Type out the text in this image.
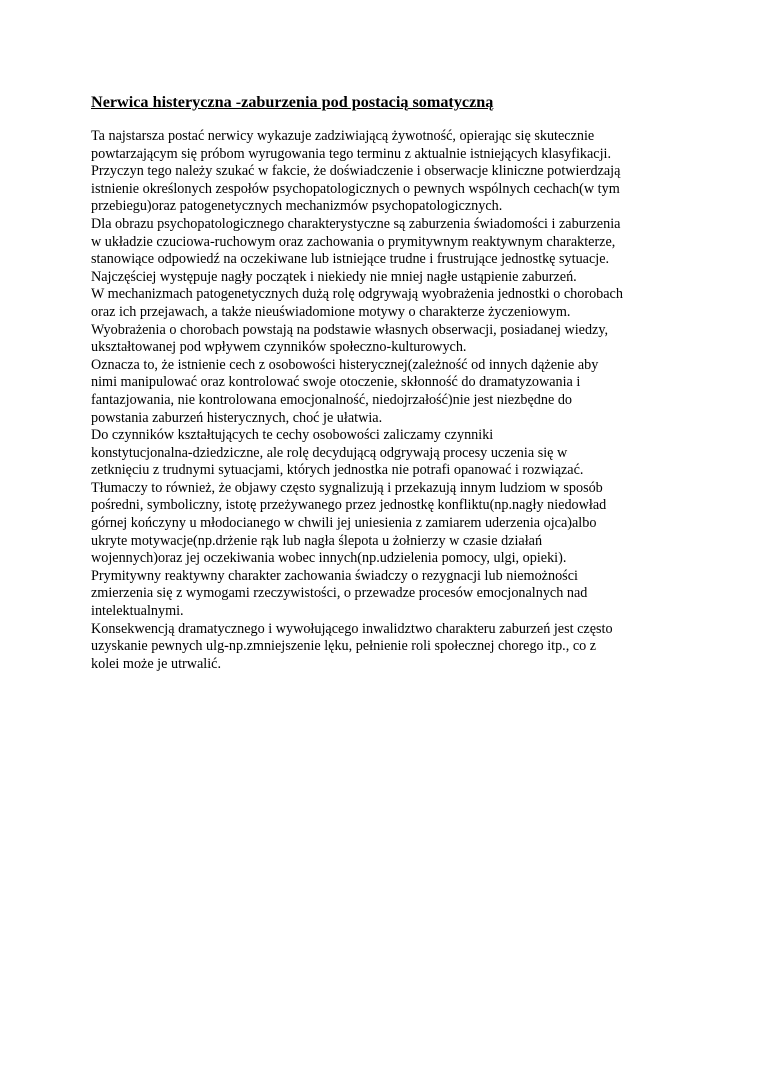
Nerwica histeryczna -zaburzenia pod postacią somatyczną
Ta najstarsza postać nerwicy wykazuje zadziwiającą żywotność, opierając się skutecznie
powtarzającym się próbom wyrugowania tego terminu z aktualnie istniejących klasyfikacji.
Przyczyn tego należy szukać w fakcie, że doświadczenie i obserwacje kliniczne potwierdzają
istnienie określonych zespołów psychopatologicznych o pewnych wspólnych cechach(w tym
przebiegu)oraz patogenetycznych mechanizmów psychopatologicznych.
Dla obrazu psychopatologicznego charakterystyczne są zaburzenia świadomości i zaburzenia
w układzie czuciowa-ruchowym oraz zachowania o prymitywnym reaktywnym charakterze,
stanowiące odpowiedź na oczekiwane lub istniejące trudne i frustrujące jednostkę sytuacje.
Najczęściej występuje nagły początek i niekiedy nie mniej nagłe ustąpienie zaburzeń.
W mechanizmach patogenetycznych dużą rolę odgrywają wyobrażenia jednostki o chorobach
oraz ich przejawach, a także nieuświadomione motywy o charakterze życzeniowym.
Wyobrażenia o chorobach powstają na podstawie własnych obserwacji, posiadanej wiedzy,
ukształtowanej pod wpływem czynników społeczno-kulturowych.
Oznacza to, że istnienie cech z osobowości histerycznej(zależność od innych dążenie aby
nimi manipulować oraz kontrolować swoje otoczenie, skłonność do dramatyzowania i
fantazjowania, nie kontrolowana emocjonalność, niedojrzałość)nie jest niezbędne do
powstania zaburzeń histerycznych, choć je ułatwia.
Do czynników kształtujących te cechy osobowości zaliczamy czynniki
konstytucjonalna-dziedziczne, ale rolę decydującą odgrywają procesy uczenia się w
zetknięciu z trudnymi sytuacjami, których jednostka nie potrafi opanować i rozwiązać.
Tłumaczy to również, że objawy często sygnalizują i przekazują innym ludziom w sposób
pośredni, symboliczny, istotę przeżywanego przez jednostkę konfliktu(np.nagły niedowład
górnej kończyny u młodocianego w chwili jej uniesienia z zamiarem uderzenia ojca)albo
ukryte motywacje(np.drżenie rąk lub nagła ślepota u żołnierzy w czasie działań
wojennych)oraz jej oczekiwania wobec innych(np.udzielenia pomocy, ulgi, opieki).
Prymitywny reaktywny charakter zachowania świadczy o rezygnacji lub niemożności
zmierzenia się z wymogami rzeczywistości, o przewadze procesów emocjonalnych nad
intelektualnymi.
Konsekwencją dramatycznego i wywołującego inwalidztwo charakteru zaburzeń jest często
uzyskanie pewnych ulg-np.zmniejszenie lęku, pełnienie roli społecznej chorego itp., co z
kolei może je utrwalić.
